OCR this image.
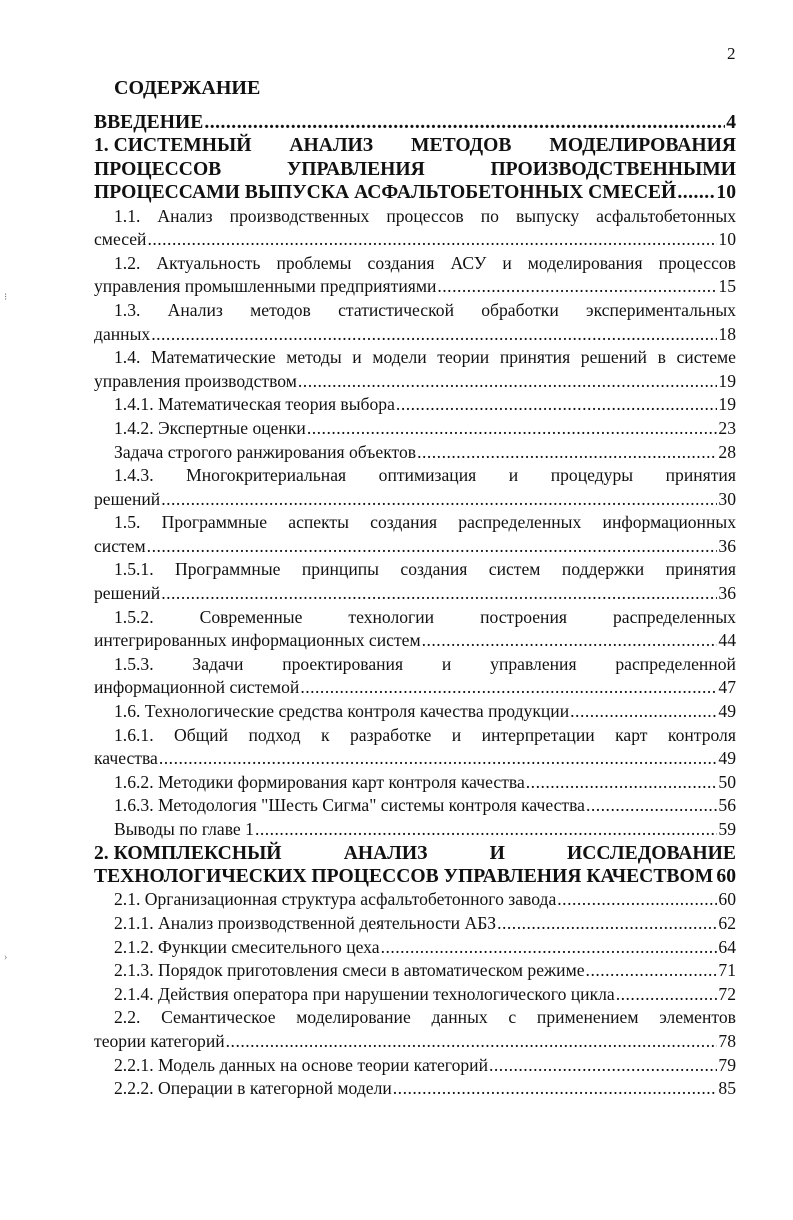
2
СОДЕРЖАНИЕ
ВВЕДЕНИЕ .....	4
1. СИСТЕМНЫЙ АНАЛИЗ МЕТОДОВ МОДЕЛИРОВАНИЯ
ПРОЦЕССОВ	УПРАВЛЕНИЯ	ПРОИЗВОДСТВЕННЫМИ
ПРОЦЕССАМИ ВЫПУСКА АСФАЛЬТОБЕТОННЫХ СМЕСЕЙ ..... 10
1.1. Анализ производственных процессов по выпуску асфальтобетонных
смесей .....	10
1.2. Актуальность проблемы создания АСУ и моделирования процессов
управления промышленными предприятиями .....	15
1.3. Анализ методов статистической обработки экспериментальных
данных .....	18
1.4. Математические методы и модели теории принятия решений в системе
управления производством .....	19
1.4.1. Математическая теория выбора .....	19
1.4.2. Экспертные оценки .....	23
Задача строгого ранжирования объектов .....	28
1.4.3. Многокритериальная оптимизация и процедуры принятия
решений .....	30
1.5. Программные аспекты создания распределенных информационных
систем .....	36
1.5.1. Программные принципы создания систем поддержки принятия
решений .....	36
1.5.2.	Современные	технологии	построения	распределенных
интегрированных информационных систем .....	44
1.5.3. Задачи проектирования и управления распределенной
информационной системой .....	47
1.6. Технологические средства контроля качества продукции .....	49
1.6.1. Общий подход к разработке и интерпретации карт контроля
качества .....	49
1.6.2. Методики формирования карт контроля качества .....	50
1.6.3. Методология "Шесть Сигма" системы контроля качества .....	56
Выводы по главе 1 .....	59
2. КОМПЛЕКСНЫЙ	АНАЛИЗ	И	ИССЛЕДОВАНИЕ
ТЕХНОЛОГИЧЕСКИХ ПРОЦЕССОВ УПРАВЛЕНИЯ КАЧЕСТВОМ ..... 60
2.1. Организационная структура асфальтобетонного завода .....	60
2.1.1. Анализ производственной деятельности АБЗ .....	62
2.1.2. Функции смесительного цеха .....	64
2.1.3. Порядок приготовления смеси в автоматическом режиме .....	71
2.1.4. Действия оператора при нарушении технологического цикла .....	72
2.2. Семантическое моделирование данных с применением элементов
теории категорий .....	78
2.2.1. Модель данных на основе теории категорий .....	79
2.2.2. Операции в категорной модели .....	85
⁝
›
